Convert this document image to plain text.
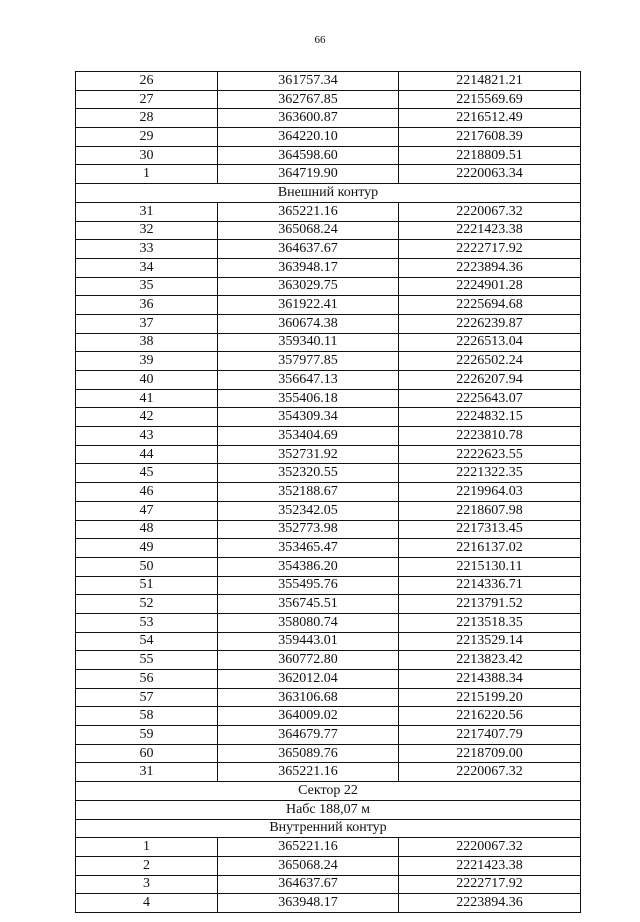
66
26	361757.34	2214821.21
27	362767.85	2215569.69
28	363600.87	2216512.49
29	364220.10	2217608.39
30	364598.60	2218809.51
1	364719.90	2220063.34
Внешний контур		
31	365221.16	2220067.32
32	365068.24	2221423.38
33	364637.67	2222717.92
34	363948.17	2223894.36
35	363029.75	2224901.28
36	361922.41	2225694.68
37	360674.38	2226239.87
38	359340.11	2226513.04
39	357977.85	2226502.24
40	356647.13	2226207.94
41	355406.18	2225643.07
42	354309.34	2224832.15
43	353404.69	2223810.78
44	352731.92	2222623.55
45	352320.55	2221322.35
46	352188.67	2219964.03
47	352342.05	2218607.98
48	352773.98	2217313.45
49	353465.47	2216137.02
50	354386.20	2215130.11
51	355495.76	2214336.71
52	356745.51	2213791.52
53	358080.74	2213518.35
54	359443.01	2213529.14
55	360772.80	2213823.42
56	362012.04	2214388.34
57	363106.68	2215199.20
58	364009.02	2216220.56
59	364679.77	2217407.79
60	365089.76	2218709.00
31	365221.16	2220067.32
Сектор 22		
Набс 188,07 м		
Внутренний контур		
1	365221.16	2220067.32
2	365068.24	2221423.38
3	364637.67	2222717.92
4	363948.17	2223894.36
